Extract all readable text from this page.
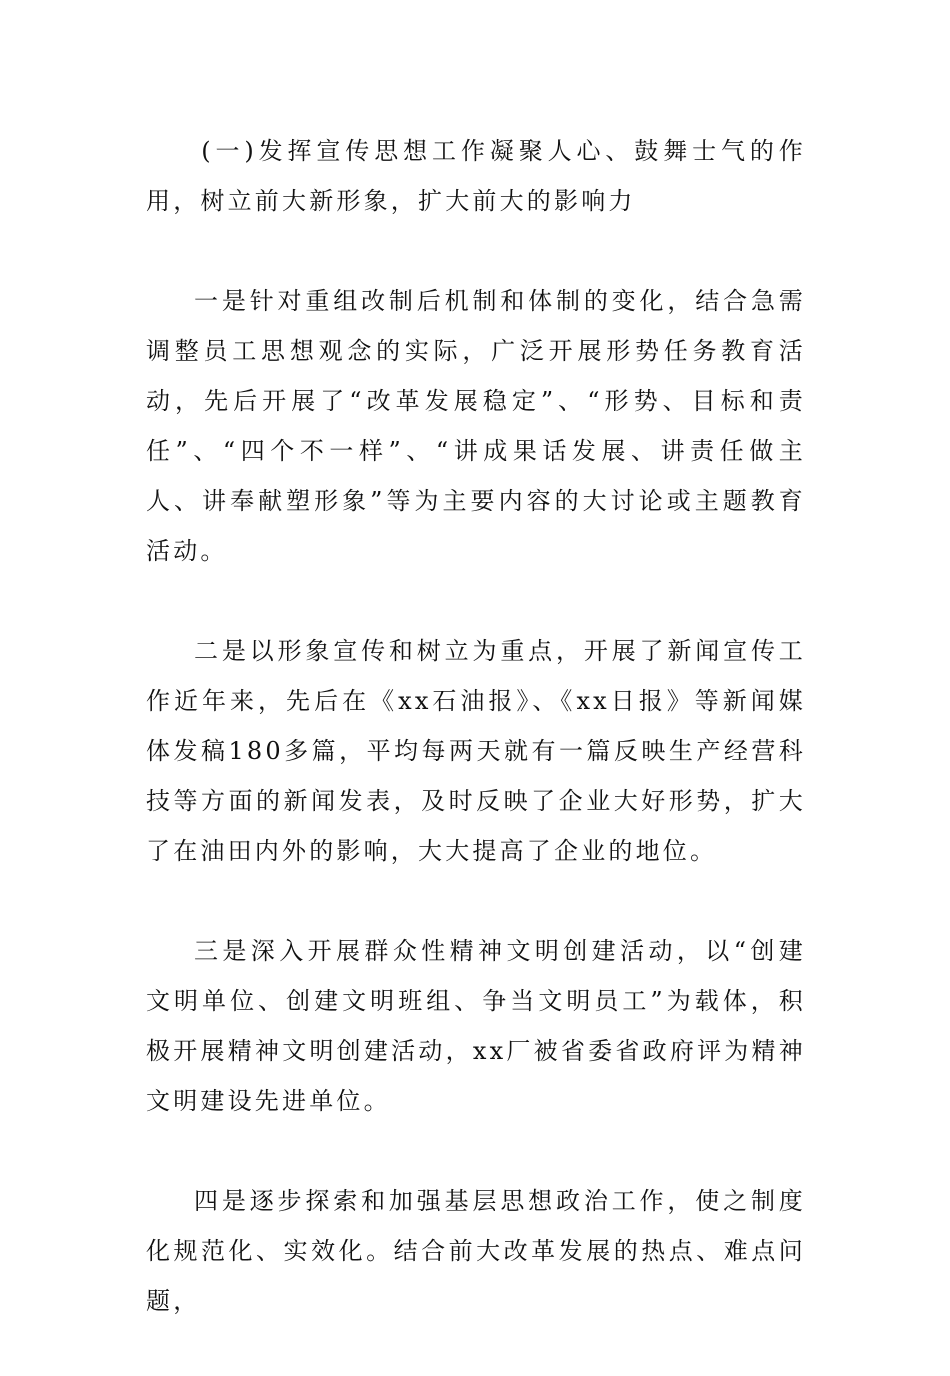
(一)发挥宣传思想工作凝聚人心、鼓舞士气的作用，树立前大新形象，扩大前大的影响力

一是针对重组改制后机制和体制的变化，结合急需调整员工思想观念的实际，广泛开展形势任务教育活动，先后开展了“改革发展稳定”、“形势、目标和责任”、“四个不一样”、“讲成果话发展、讲责任做主人、讲奉献塑形象”等为主要内容的大讨论或主题教育活动。

二是以形象宣传和树立为重点，开展了新闻宣传工作近年来，先后在《xx石油报》、《xx日报》等新闻媒体发稿180多篇，平均每两天就有一篇反映生产经营科技等方面的新闻发表，及时反映了企业大好形势，扩大了在油田内外的影响，大大提高了企业的地位。

三是深入开展群众性精神文明创建活动，以“创建文明单位、创建文明班组、争当文明员工”为载体，积极开展精神文明创建活动，xx厂被省委省政府评为精神文明建设先进单位。

四是逐步探索和加强基层思想政治工作，使之制度化规范化、实效化。结合前大改革发展的热点、难点问题，
